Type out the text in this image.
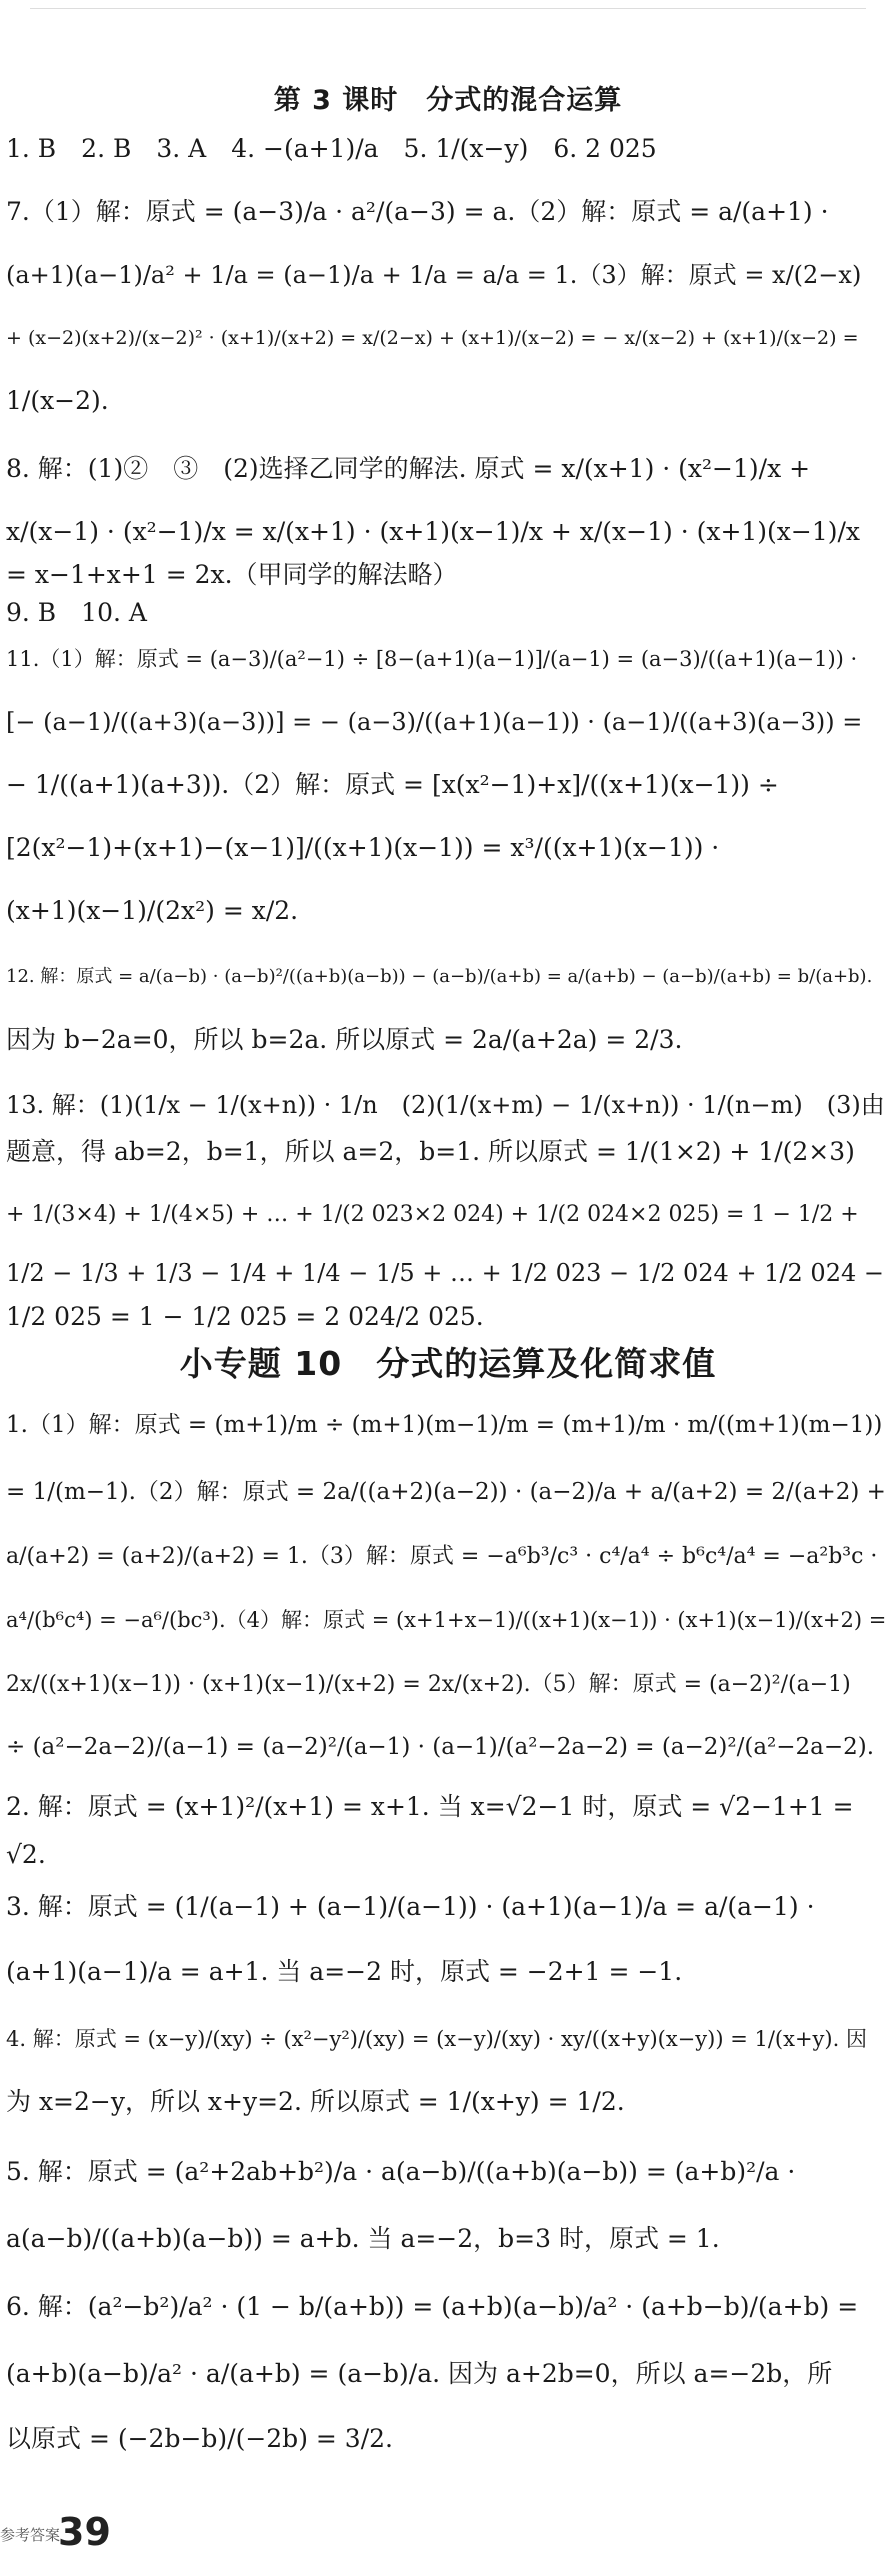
第 3 课时　分式的混合运算
1. B　2. B　3. A　4. −(a+1)/a　5. 1/(x−y)　6. 2 025
7.（1）解：原式 = (a−3)/a · a²/(a−3) = a.（2）解：原式 = a/(a+1) ·
(a+1)(a−1)/a² + 1/a = (a−1)/a + 1/a = a/a = 1.（3）解：原式 = x/(2−x)
+ (x−2)(x+2)/(x−2)² · (x+1)/(x+2) = x/(2−x) + (x+1)/(x−2) = − x/(x−2) + (x+1)/(x−2) =
1/(x−2).
8. 解：(1)②　③　(2)选择乙同学的解法. 原式 = x/(x+1) · (x²−1)/x +
x/(x−1) · (x²−1)/x = x/(x+1) · (x+1)(x−1)/x + x/(x−1) · (x+1)(x−1)/x
= x−1+x+1 = 2x.（甲同学的解法略）
9. B　10. A
11.（1）解：原式 = (a−3)/(a²−1) ÷ [8−(a+1)(a−1)]/(a−1) = (a−3)/((a+1)(a−1)) ·
[− (a−1)/((a+3)(a−3))] = − (a−3)/((a+1)(a−1)) · (a−1)/((a+3)(a−3)) =
− 1/((a+1)(a+3)).（2）解：原式 = [x(x²−1)+x]/((x+1)(x−1)) ÷
[2(x²−1)+(x+1)−(x−1)]/((x+1)(x−1)) = x³/((x+1)(x−1)) ·
(x+1)(x−1)/(2x²) = x/2.
12. 解：原式 = a/(a−b) · (a−b)²/((a+b)(a−b)) − (a−b)/(a+b) = a/(a+b) − (a−b)/(a+b) = b/(a+b).
因为 b−2a=0，所以 b=2a. 所以原式 = 2a/(a+2a) = 2/3.
13. 解：(1)(1/x − 1/(x+n)) · 1/n　(2)(1/(x+m) − 1/(x+n)) · 1/(n−m)　(3)由
题意，得 ab=2，b=1，所以 a=2，b=1. 所以原式 = 1/(1×2) + 1/(2×3)
+ 1/(3×4) + 1/(4×5) + … + 1/(2 023×2 024) + 1/(2 024×2 025) = 1 − 1/2 +
1/2 − 1/3 + 1/3 − 1/4 + 1/4 − 1/5 + … + 1/2 023 − 1/2 024 + 1/2 024 −
1/2 025 = 1 − 1/2 025 = 2 024/2 025.
小专题 10　分式的运算及化简求值
1.（1）解：原式 = (m+1)/m ÷ (m+1)(m−1)/m = (m+1)/m · m/((m+1)(m−1))
= 1/(m−1).（2）解：原式 = 2a/((a+2)(a−2)) · (a−2)/a + a/(a+2) = 2/(a+2) +
a/(a+2) = (a+2)/(a+2) = 1.（3）解：原式 = −a⁶b³/c³ · c⁴/a⁴ ÷ b⁶c⁴/a⁴ = −a²b³c ·
a⁴/(b⁶c⁴) = −a⁶/(bc³).（4）解：原式 = (x+1+x−1)/((x+1)(x−1)) · (x+1)(x−1)/(x+2) =
2x/((x+1)(x−1)) · (x+1)(x−1)/(x+2) = 2x/(x+2).（5）解：原式 = (a−2)²/(a−1)
÷ (a²−2a−2)/(a−1) = (a−2)²/(a−1) · (a−1)/(a²−2a−2) = (a−2)²/(a²−2a−2).
2. 解：原式 = (x+1)²/(x+1) = x+1. 当 x=√2−1 时，原式 = √2−1+1 =
√2.
3. 解：原式 = (1/(a−1) + (a−1)/(a−1)) · (a+1)(a−1)/a = a/(a−1) ·
(a+1)(a−1)/a = a+1. 当 a=−2 时，原式 = −2+1 = −1.
4. 解：原式 = (x−y)/(xy) ÷ (x²−y²)/(xy) = (x−y)/(xy) · xy/((x+y)(x−y)) = 1/(x+y). 因
为 x=2−y，所以 x+y=2. 所以原式 = 1/(x+y) = 1/2.
5. 解：原式 = (a²+2ab+b²)/a · a(a−b)/((a+b)(a−b)) = (a+b)²/a ·
a(a−b)/((a+b)(a−b)) = a+b. 当 a=−2，b=3 时，原式 = 1.
6. 解：(a²−b²)/a² · (1 − b/(a+b)) = (a+b)(a−b)/a² · (a+b−b)/(a+b) =
(a+b)(a−b)/a² · a/(a+b) = (a−b)/a. 因为 a+2b=0，所以 a=−2b，所
以原式 = (−2b−b)/(−2b) = 3/2.
参考答案
39
